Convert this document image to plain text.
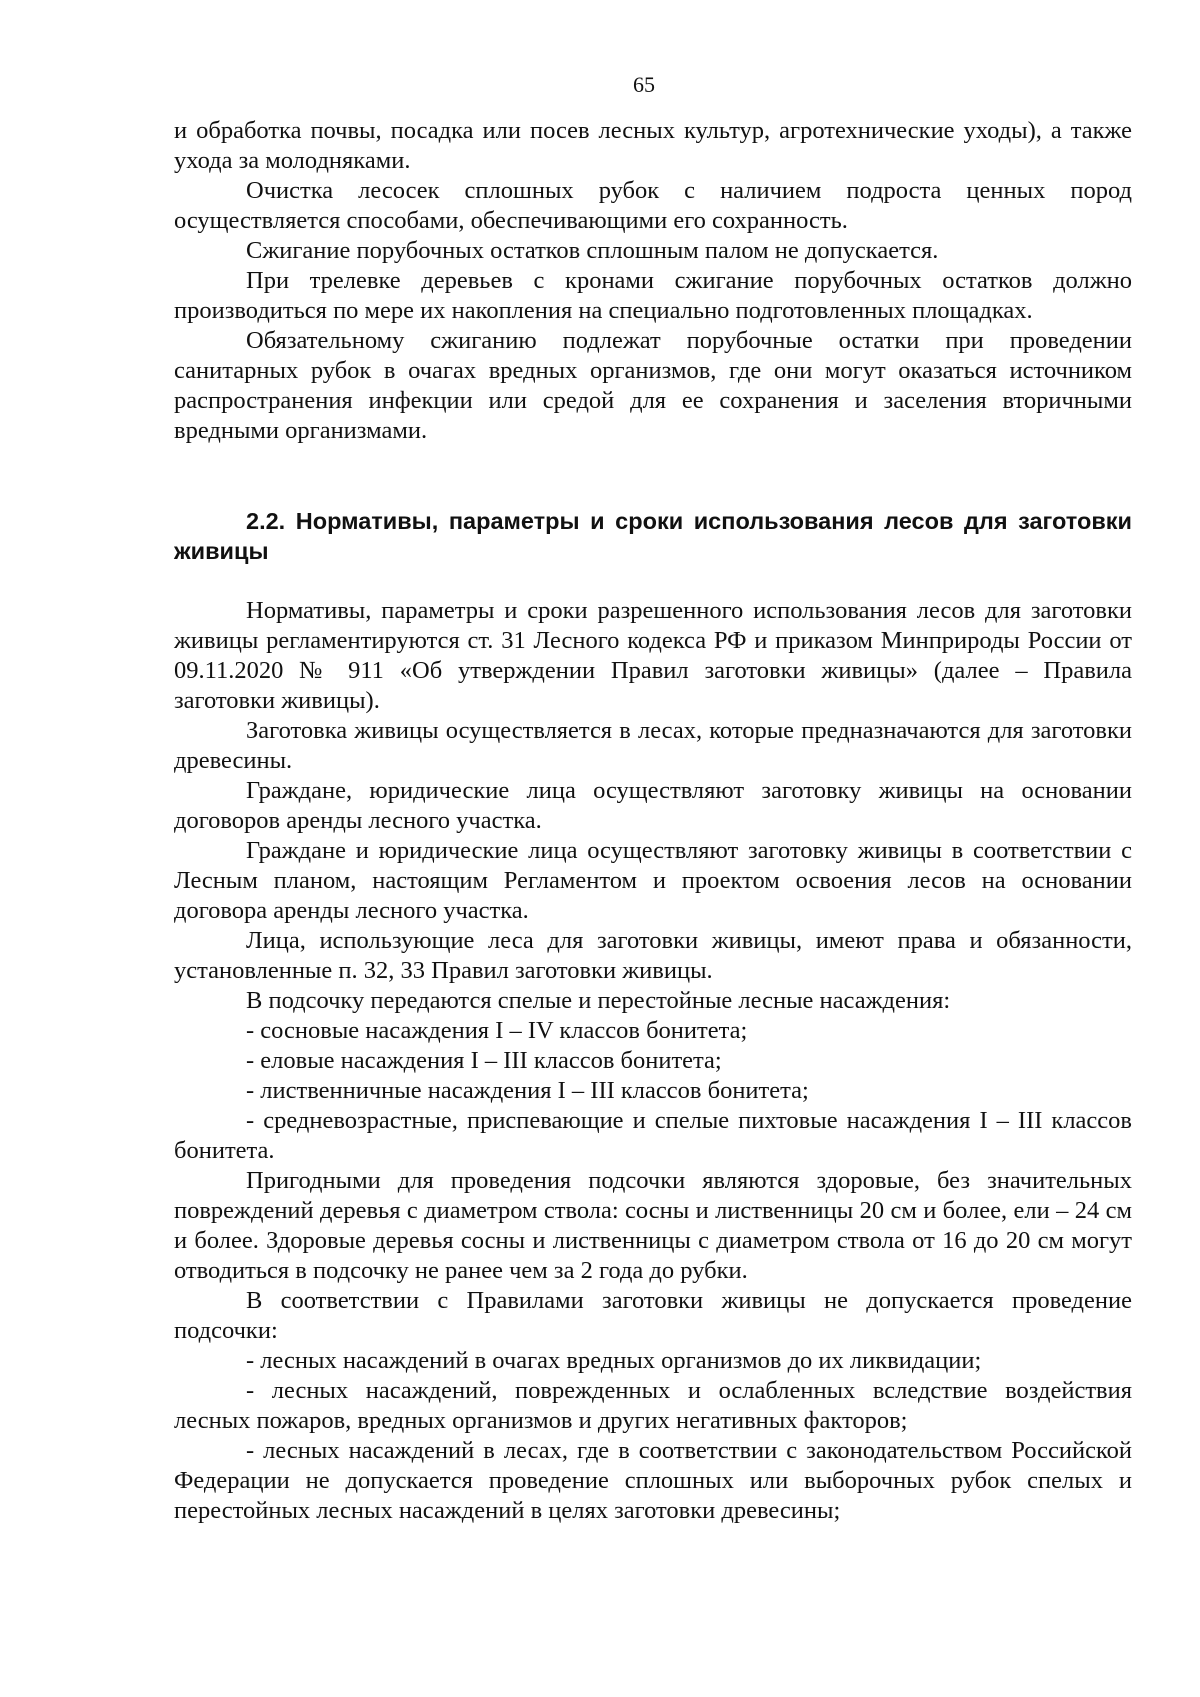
65

и обработка почвы, посадка или посев лесных культур, агротехнические уходы), а также ухода за молодняками.

Очистка лесосек сплошных рубок с наличием подроста ценных пород осуществляется способами, обеспечивающими его сохранность.

Сжигание порубочных остатков сплошным палом не допускается.

При трелевке деревьев с кронами сжигание порубочных остатков должно производиться по мере их накопления на специально подготовленных площадках.

Обязательному сжиганию подлежат порубочные остатки при проведении санитарных рубок в очагах вредных организмов, где они могут оказаться источником распространения инфекции или средой для ее сохранения и заселения вторичными вредными организмами.

2.2. Нормативы, параметры и сроки использования лесов для заготовки живицы

Нормативы, параметры и сроки разрешенного использования лесов для заготовки живицы регламентируются ст. 31 Лесного кодекса РФ и приказом Минприроды России от 09.11.2020 № 911 «Об утверждении Правил заготовки живицы» (далее – Правила заготовки живицы).

Заготовка живицы осуществляется в лесах, которые предназначаются для заготовки древесины.

Граждане, юридические лица осуществляют заготовку живицы на основании договоров аренды лесного участка.

Граждане и юридические лица осуществляют заготовку живицы в соответствии с Лесным планом, настоящим Регламентом и проектом освоения лесов на основании договора аренды лесного участка.

Лица, использующие леса для заготовки живицы, имеют права и обязанности, установленные п. 32, 33 Правил заготовки живицы.

В подсочку передаются спелые и перестойные лесные насаждения:

- сосновые насаждения I – IV классов бонитета;

- еловые насаждения I – III классов бонитета;

- лиственничные насаждения I – III классов бонитета;

- средневозрастные, приспевающие и спелые пихтовые насаждения I – III классов бонитета.

Пригодными для проведения подсочки являются здоровые, без значительных повреждений деревья с диаметром ствола: сосны и лиственницы 20 см и более, ели – 24 см и более. Здоровые деревья сосны и лиственницы с диаметром ствола от 16 до 20 см могут отводиться в подсочку не ранее чем за 2 года до рубки.

В соответствии с Правилами заготовки живицы не допускается проведение подсочки:

- лесных насаждений в очагах вредных организмов до их ликвидации;

- лесных насаждений, поврежденных и ослабленных вследствие воздействия лесных пожаров, вредных организмов и других негативных факторов;

- лесных насаждений в лесах, где в соответствии с законодательством Российской Федерации не допускается проведение сплошных или выборочных рубок спелых и перестойных лесных насаждений в целях заготовки древесины;
